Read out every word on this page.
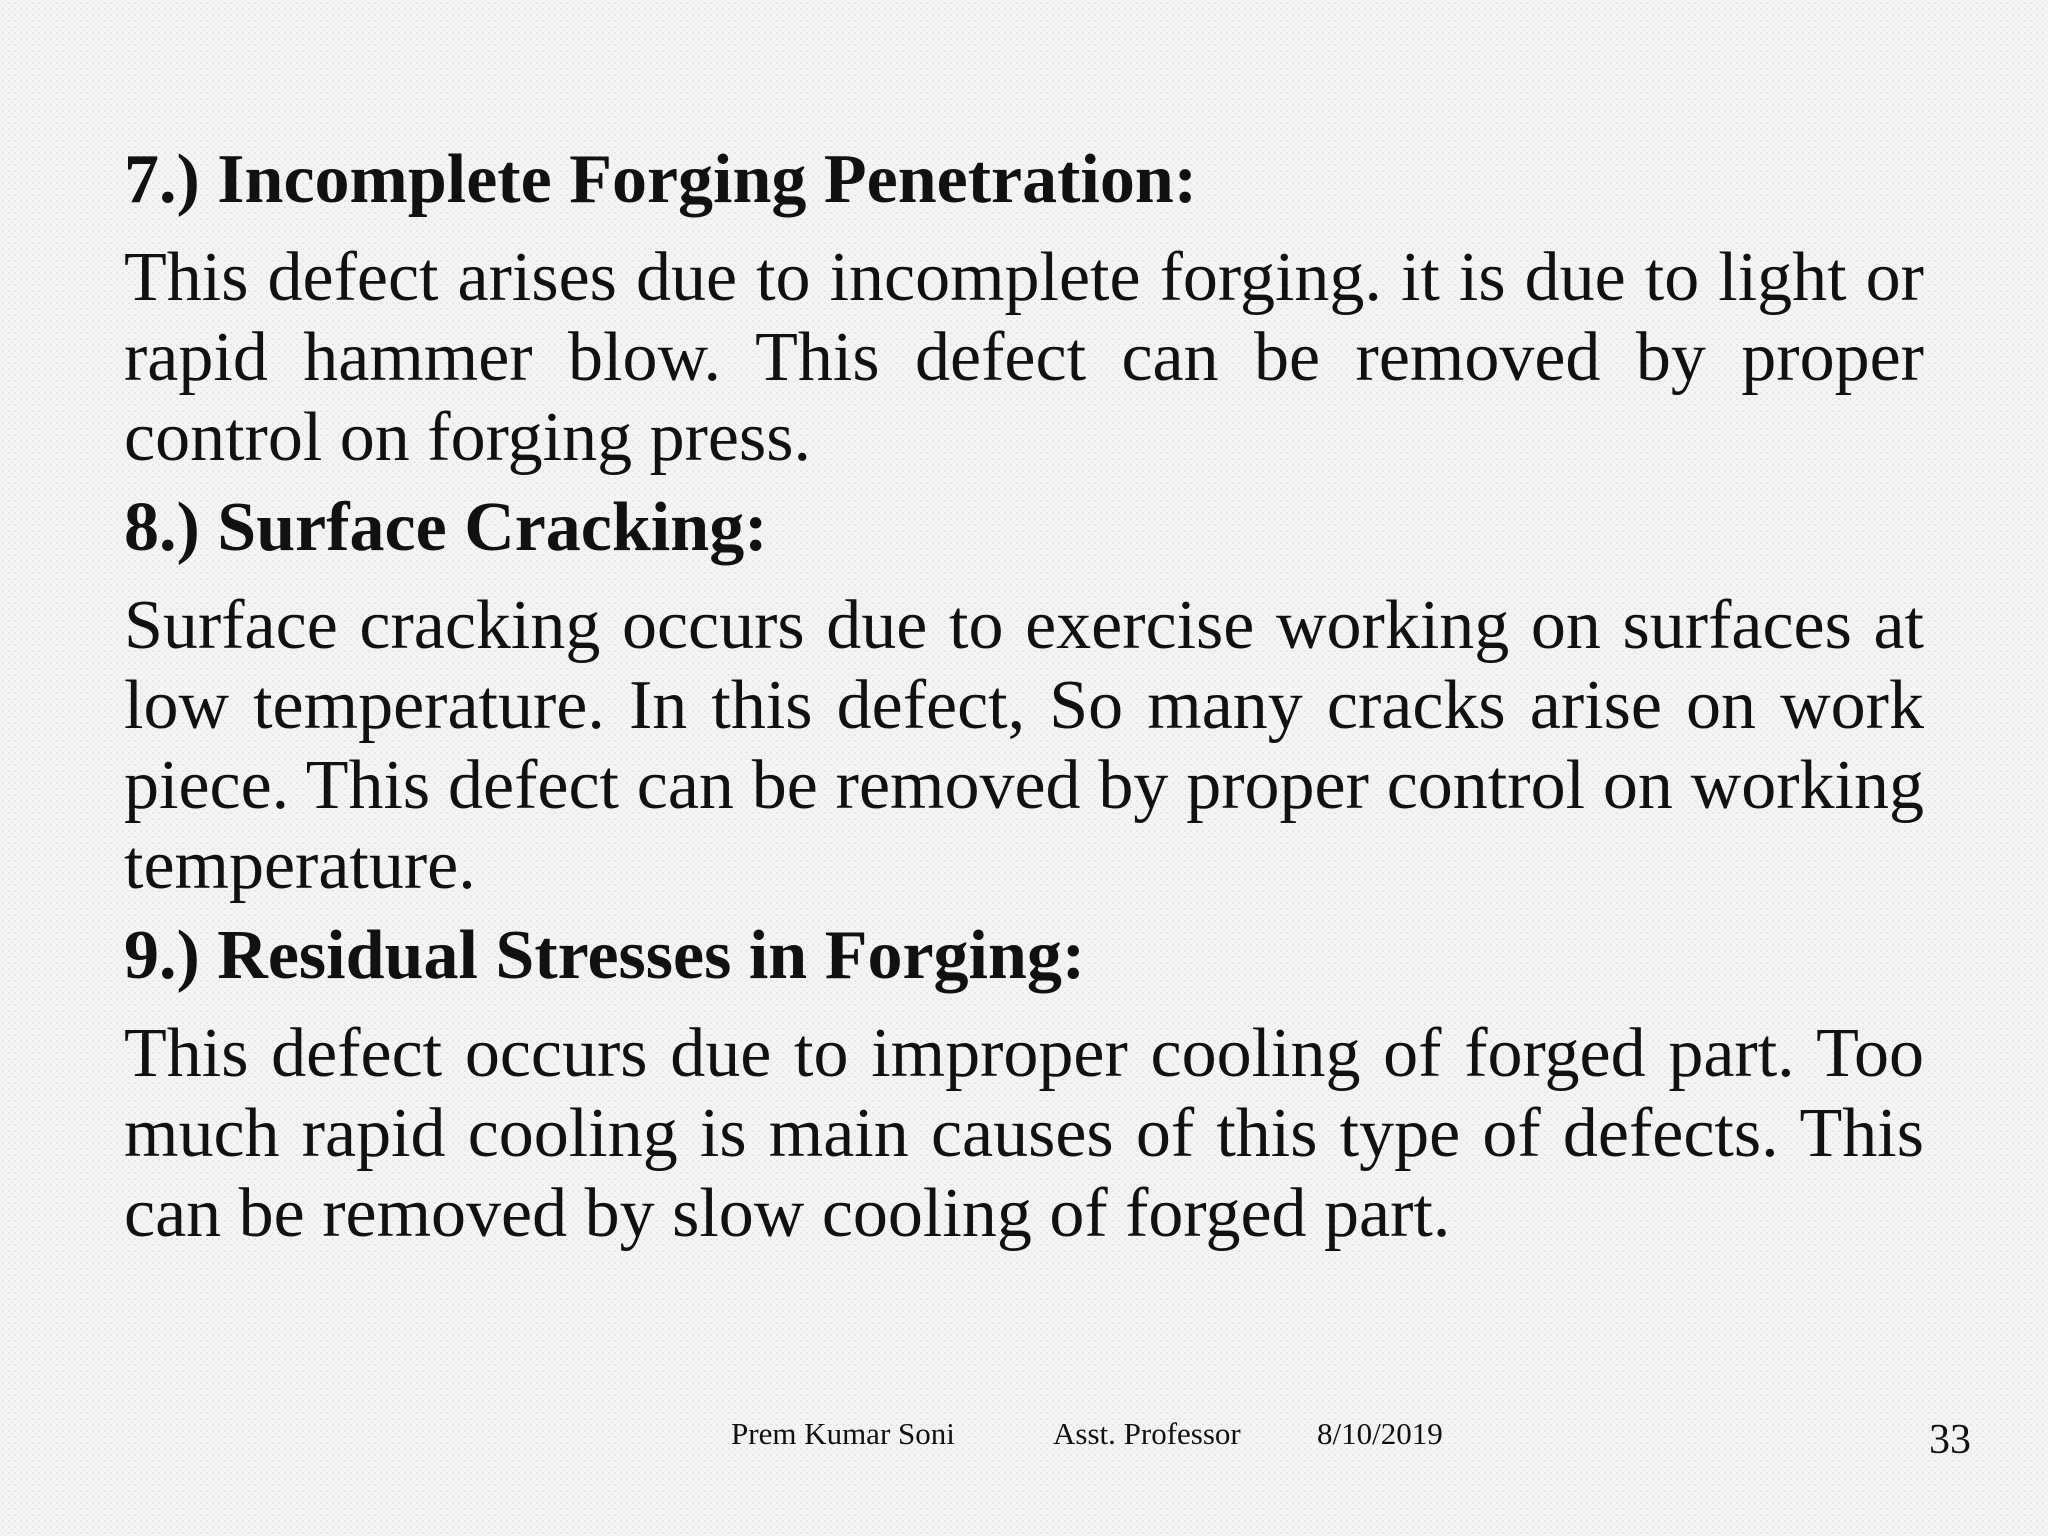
7.) Incomplete Forging Penetration:

This defect arises due to incomplete forging. it is due to light or rapid hammer blow. This defect can be removed by proper control on forging press.

8.) Surface Cracking:

Surface cracking occurs due to exercise working on surfaces at low temperature. In this defect, So many cracks arise on work piece. This defect can be removed by proper control on working temperature.

9.) Residual Stresses in Forging:

This defect occurs due to improper cooling of forged part. Too much rapid cooling is main causes of this type of defects. This can be removed by slow cooling of forged part.

Prem Kumar Soni	Asst. Professor 8/10/2019	33
